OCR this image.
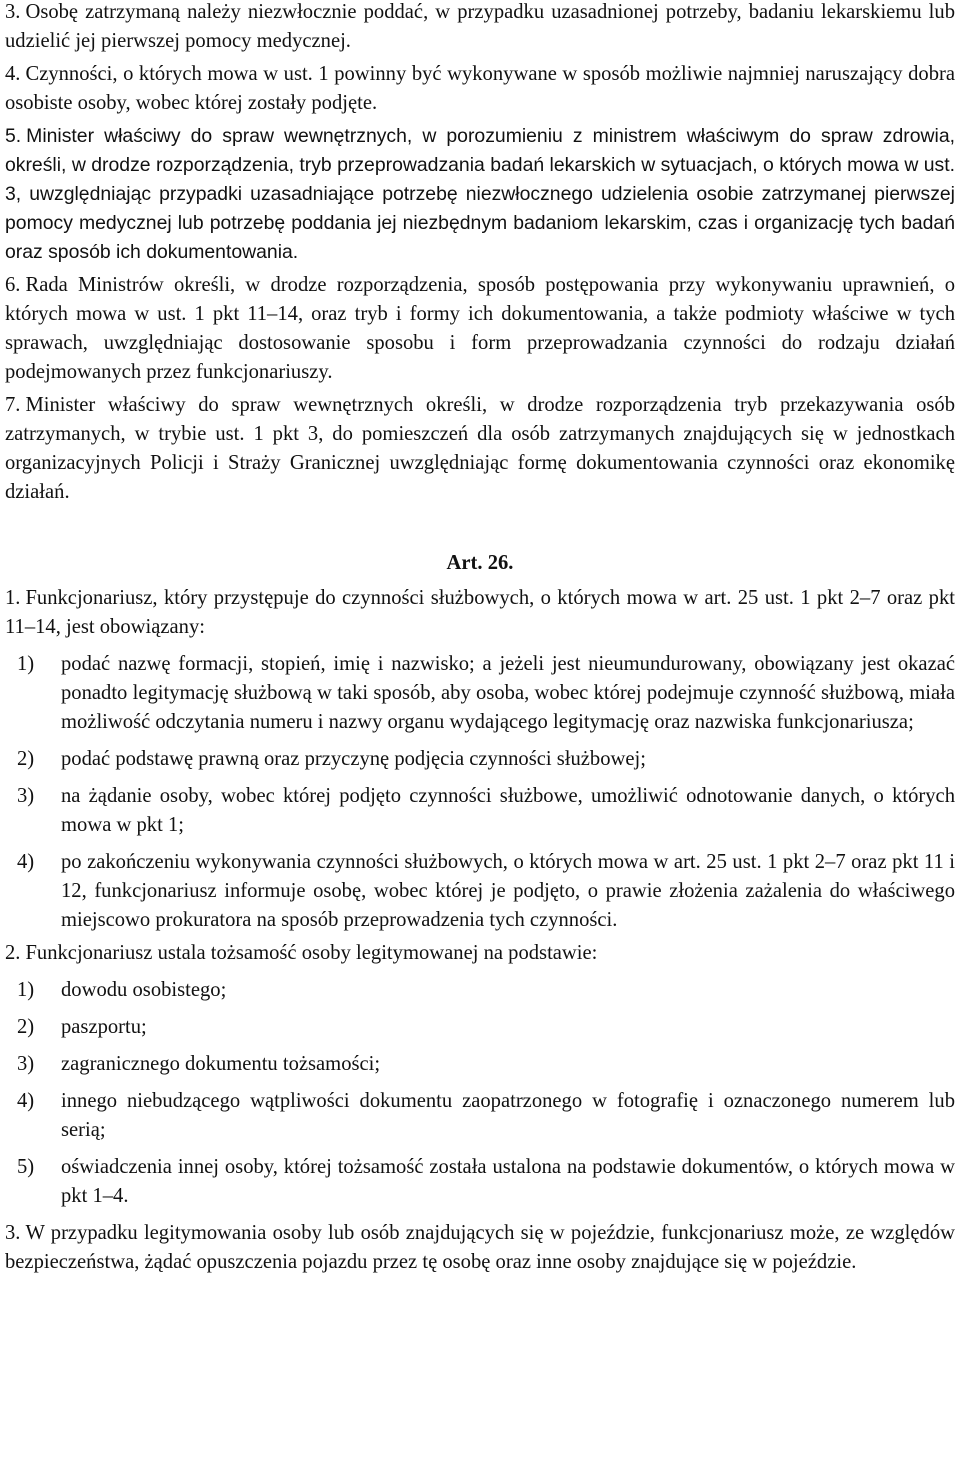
3. Osobę zatrzymaną należy niezwłocznie poddać, w przypadku uzasadnionej potrzeby, badaniu lekarskiemu lub udzielić jej pierwszej pomocy medycznej.

4. Czynności, o których mowa w ust. 1 powinny być wykonywane w sposób możliwie najmniej naruszający dobra osobiste osoby, wobec której zostały podjęte.

5. Minister właściwy do spraw wewnętrznych, w porozumieniu z ministrem właściwym do spraw zdrowia, określi, w drodze rozporządzenia, tryb przeprowadzania badań lekarskich w sytuacjach, o których mowa w ust. 3, uwzględniając przypadki uzasadniające potrzebę niezwłocznego udzielenia osobie zatrzymanej pierwszej pomocy medycznej lub potrzebę poddania jej niezbędnym badaniom lekarskim, czas i organizację tych badań oraz sposób ich dokumentowania.

6. Rada Ministrów określi, w drodze rozporządzenia, sposób postępowania przy wykonywaniu uprawnień, o których mowa w ust. 1 pkt 11–14, oraz tryb i formy ich dokumentowania, a także podmioty właściwe w tych sprawach, uwzględniając dostosowanie sposobu i form przeprowadzania czynności do rodzaju działań podejmowanych przez funkcjonariuszy.

7. Minister właściwy do spraw wewnętrznych określi, w drodze rozporządzenia tryb przekazywania osób zatrzymanych, w trybie ust. 1 pkt 3, do pomieszczeń dla osób zatrzymanych znajdujących się w jednostkach organizacyjnych Policji i Straży Granicznej uwzględniając formę dokumentowania czynności oraz ekonomikę działań.

Art. 26.

1. Funkcjonariusz, który przystępuje do czynności służbowych, o których mowa w art. 25 ust. 1 pkt 2–7 oraz pkt 11–14, jest obowiązany:

1)	podać nazwę formacji, stopień, imię i nazwisko; a jeżeli jest nieumundurowany, obowiązany jest okazać ponadto legitymację służbową w taki sposób, aby osoba, wobec której podejmuje czynność służbową, miała możliwość odczytania numeru i nazwy organu wydającego legitymację oraz nazwiska funkcjonariusza;
2)	podać podstawę prawną oraz przyczynę podjęcia czynności służbowej;
3)	na żądanie osoby, wobec której podjęto czynności służbowe, umożliwić odnotowanie danych, o których mowa w pkt 1;
4)	po zakończeniu wykonywania czynności służbowych, o których mowa w art. 25 ust. 1 pkt 2–7 oraz pkt 11 i 12, funkcjonariusz informuje osobę, wobec której je podjęto, o prawie złożenia zażalenia do właściwego miejscowo prokuratora na sposób przeprowadzenia tych czynności.

2. Funkcjonariusz ustala tożsamość osoby legitymowanej na podstawie:

1)	dowodu osobistego;
2)	paszportu;
3)	zagranicznego dokumentu tożsamości;
4)	innego niebudzącego wątpliwości dokumentu zaopatrzonego w fotografię i oznaczonego numerem lub serią;
5)	oświadczenia innej osoby, której tożsamość została ustalona na podstawie dokumentów, o których mowa w pkt 1–4.

3. W przypadku legitymowania osoby lub osób znajdujących się w pojeździe, funkcjonariusz może, ze względów bezpieczeństwa, żądać opuszczenia pojazdu przez tę osobę oraz inne osoby znajdujące się w pojeździe.
